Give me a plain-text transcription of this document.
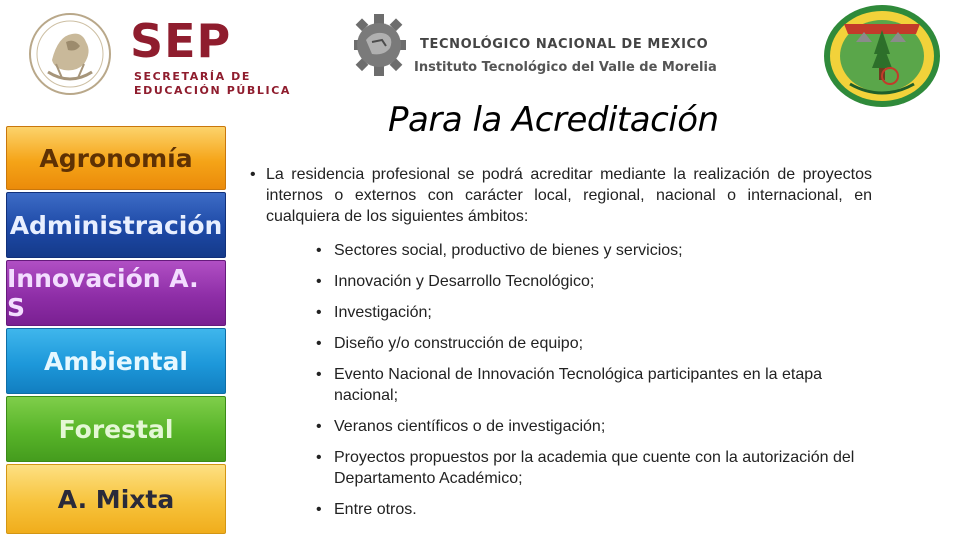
SEP
SECRETARÍA DE
EDUCACIÓN PÚBLICA
TECNOLÓGICO NACIONAL DE MEXICO
Instituto Tecnológico del Valle de Morelia
Para la Acreditación
Agronomía
Administración
Innovación A. S
Ambiental
Forestal
A. Mixta
• La residencia profesional se podrá acreditar mediante la realización de proyectos internos o externos con carácter local, regional, nacional o internacional, en cualquiera de los siguientes ámbitos:
• Sectores social, productivo de bienes y servicios;
• Innovación y Desarrollo Tecnológico;
• Investigación;
• Diseño y/o construcción de equipo;
• Evento Nacional de Innovación Tecnológica participantes en la etapa nacional;
• Veranos científicos o de investigación;
• Proyectos propuestos por la academia que cuente con la autorización del Departamento Académico;
• Entre otros.
